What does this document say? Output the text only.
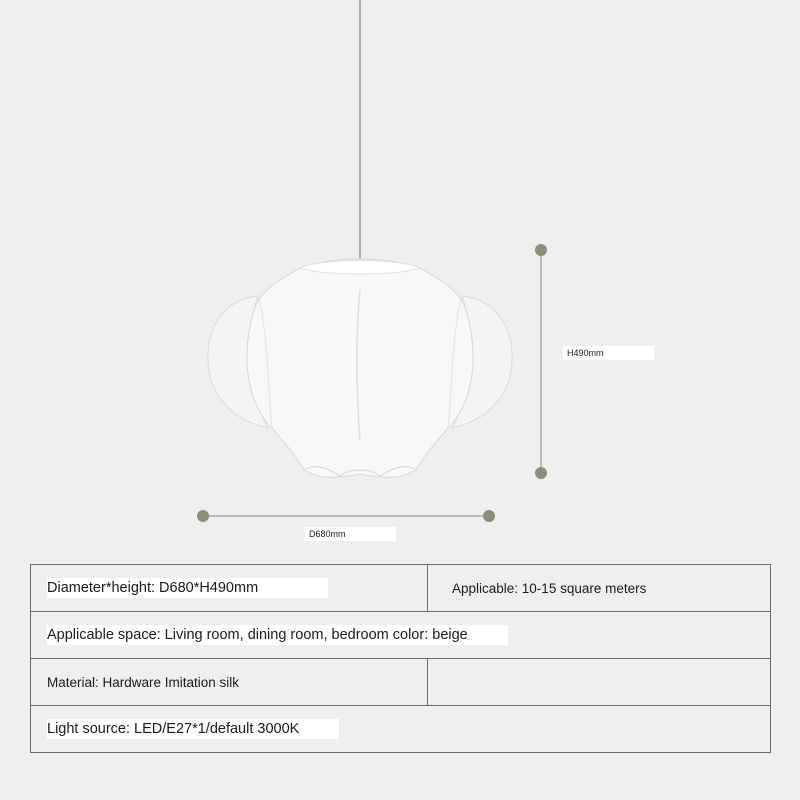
H490mm
D680mm
Diameter*height: D680*H490mm	Applicable: 10-15 square meters
Applicable space: Living room, dining room, bedroom color: beige	
Material: Hardware Imitation silk	
Light source: LED/E27*1/default 3000K	
